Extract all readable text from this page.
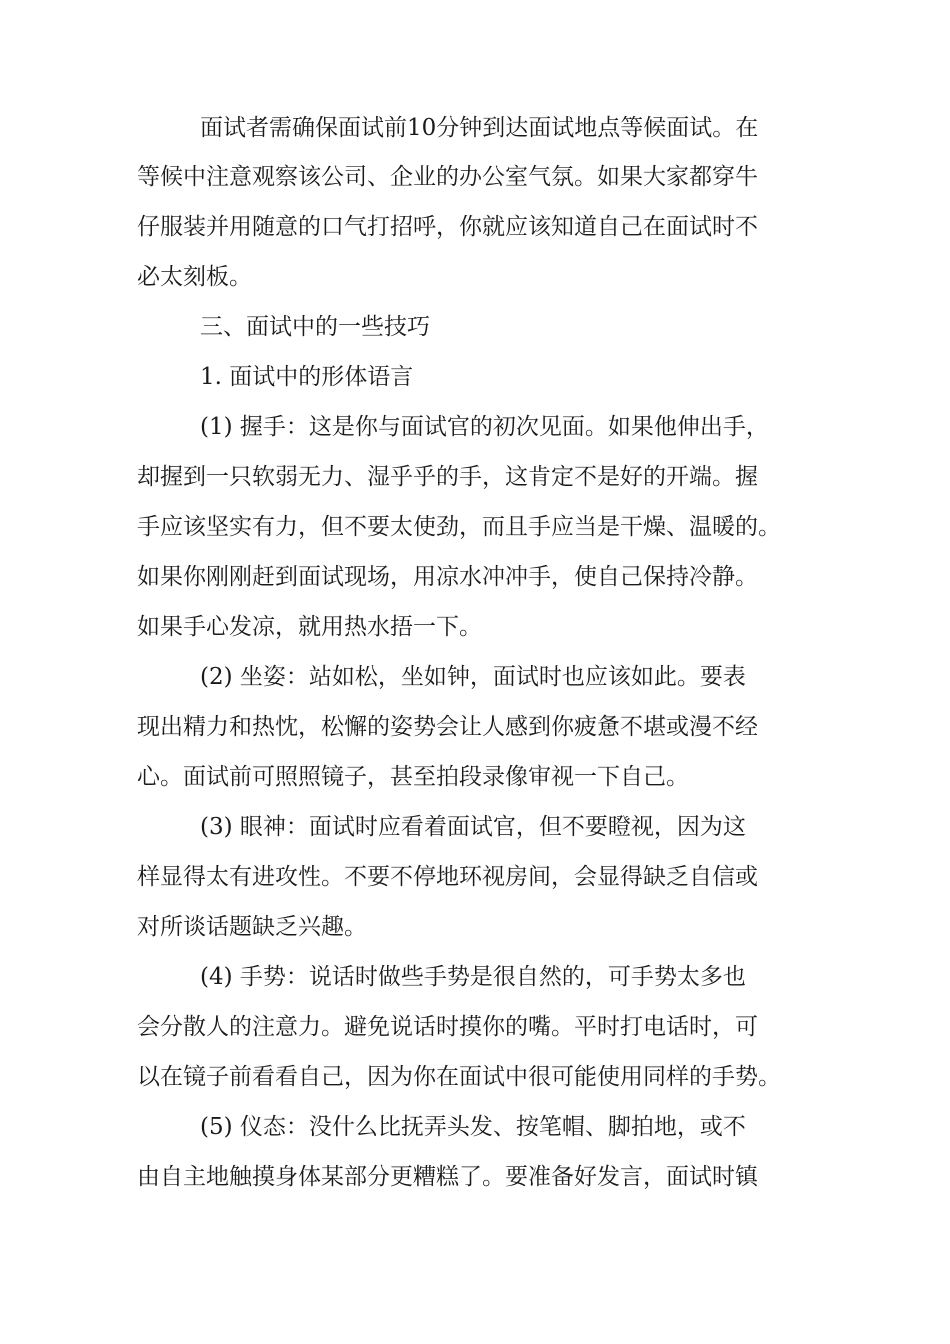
面试者需确保面试前10分钟到达面试地点等候面试。在

等候中注意观察该公司、企业的办公室气氛。如果大家都穿牛

仔服装并用随意的口气打招呼，你就应该知道自己在面试时不

必太刻板。

三、面试中的一些技巧

1. 面试中的形体语言

(1) 握手：这是你与面试官的初次见面。如果他伸出手，

却握到一只软弱无力、湿乎乎的手，这肯定不是好的开端。握

手应该坚实有力，但不要太使劲，而且手应当是干燥、温暖的。

如果你刚刚赶到面试现场，用凉水冲冲手，使自己保持冷静。

如果手心发凉，就用热水捂一下。

(2) 坐姿：站如松，坐如钟，面试时也应该如此。要表

现出精力和热忱，松懈的姿势会让人感到你疲惫不堪或漫不经

心。面试前可照照镜子，甚至拍段录像审视一下自己。

(3) 眼神：面试时应看着面试官，但不要瞪视，因为这

样显得太有进攻性。不要不停地环视房间，会显得缺乏自信或

对所谈话题缺乏兴趣。

(4) 手势：说话时做些手势是很自然的，可手势太多也

会分散人的注意力。避免说话时摸你的嘴。平时打电话时，可

以在镜子前看看自己，因为你在面试中很可能使用同样的手势。

(5) 仪态：没什么比抚弄头发、按笔帽、脚拍地，或不

由自主地触摸身体某部分更糟糕了。要准备好发言，面试时镇
